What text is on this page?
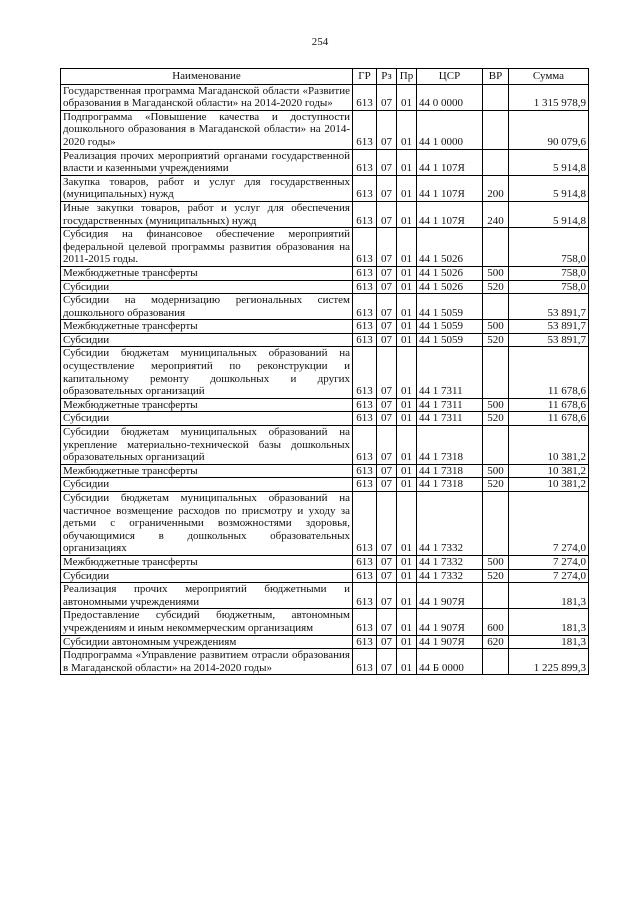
254
Наименование	ГР	Рз	Пр	ЦСР	ВР	Сумма
Государственная программа Магаданской области «Развитие образования в Магаданской области» на 2014-2020 годы»	613	07	01	44 0 0000		1 315 978,9
Подпрограмма «Повышение качества и доступности дошкольного образования в Магаданской области» на 2014-2020 годы»	613	07	01	44 1 0000		90 079,6
Реализация прочих мероприятий органами государственной власти и казенными учреждениями	613	07	01	44 1 107Я		5 914,8
Закупка товаров, работ и услуг для государственных (муниципальных) нужд	613	07	01	44 1 107Я	200	5 914,8
Иные закупки товаров, работ и услуг для обеспечения государственных (муниципальных) нужд	613	07	01	44 1 107Я	240	5 914,8
Субсидия на финансовое обеспечение мероприятий федеральной целевой программы развития образования на 2011-2015 годы.	613	07	01	44 1 5026		758,0
Межбюджетные трансферты	613	07	01	44 1 5026	500	758,0
Субсидии	613	07	01	44 1 5026	520	758,0
Субсидии на модернизацию региональных систем дошкольного образования	613	07	01	44 1 5059		53 891,7
Межбюджетные трансферты	613	07	01	44 1 5059	500	53 891,7
Субсидии	613	07	01	44 1 5059	520	53 891,7
Субсидии бюджетам муниципальных образований на осуществление мероприятий по реконструкции и капитальному ремонту дошкольных и других образовательных организаций	613	07	01	44 1 7311		11 678,6
Межбюджетные трансферты	613	07	01	44 1 7311	500	11 678,6
Субсидии	613	07	01	44 1 7311	520	11 678,6
Субсидии бюджетам муниципальных образований на укрепление материально-технической базы дошкольных образовательных организаций	613	07	01	44 1 7318		10 381,2
Межбюджетные трансферты	613	07	01	44 1 7318	500	10 381,2
Субсидии	613	07	01	44 1 7318	520	10 381,2
Субсидии бюджетам муниципальных образований на частичное возмещение расходов по присмотру и уходу за детьми с ограниченными возможностями здоровья, обучающимися в дошкольных образовательных организациях	613	07	01	44 1 7332		7 274,0
Межбюджетные трансферты	613	07	01	44 1 7332	500	7 274,0
Субсидии	613	07	01	44 1 7332	520	7 274,0
Реализация прочих мероприятий бюджетными и автономными учреждениями	613	07	01	44 1 907Я		181,3
Предоставление субсидий бюджетным, автономным учреждениям и иным некоммерческим организациям	613	07	01	44 1 907Я	600	181,3
Субсидии автономным учреждениям	613	07	01	44 1 907Я	620	181,3
Подпрограмма «Управление развитием отрасли образования в Магаданской области» на 2014-2020 годы»	613	07	01	44 Б 0000		1 225 899,3
